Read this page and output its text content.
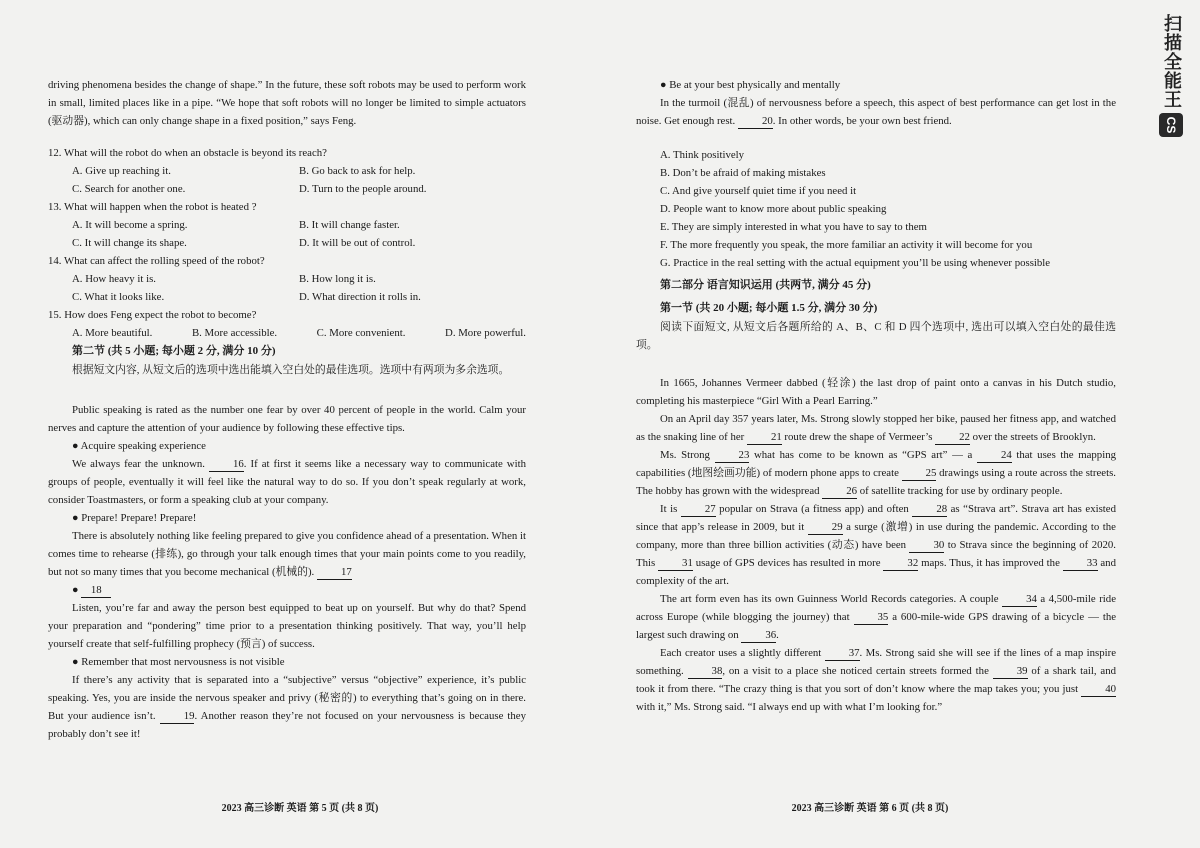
driving phenomena besides the change of shape.” In the future, these soft robots may be used to perform work in small, limited places like in a pipe. “We hope that soft robots will no longer be limited to simple actuators (驱动器), which can only change shape in a fixed position,” says Feng.

12. What will the robot do when an obstacle is beyond its reach?

A. Give up reaching it.	B. Go back to ask for help.
C. Search for another one.	D. Turn to the people around.

13. What will happen when the robot is heated ?

A. It will become a spring.	B. It will change faster.
C. It will change its shape.	D. It will be out of control.

14. What can affect the rolling speed of the robot?

A. How heavy it is.	B. How long it is.
C. What it looks like.	D. What direction it rolls in.

15. How does Feng expect the robot to become?

A. More beautiful.	B. More accessible.	C. More convenient.	D. More powerful.

第二节 (共 5 小题; 每小题 2 分, 满分 10 分)

根据短文内容, 从短文后的选项中选出能填入空白处的最佳选项。选项中有两项为多余选项。

Public speaking is rated as the number one fear by over 40 percent of people in the world. Calm your nerves and capture the attention of your audience by following these effective tips.

● Acquire speaking experience

We always fear the unknown.	16. If at first it seems like a necessary way to communicate with groups of people, eventually it will feel like the natural way to do so. If you don’t speak regularly at work, consider Toastmasters, or form a speaking club at your company.

● Prepare! Prepare! Prepare!

There is absolutely nothing like feeling prepared to give you confidence ahead of a presentation. When it comes time to rehearse (排练), go through your talk enough times that your main points come to you readily, but not so many times that you become mechanical (机械的). 17

● 18

Listen, you’re far and away the person best equipped to beat up on yourself. But why do that? Spend your preparation and “pondering” time prior to a presentation thinking positively. That way, you’ll help yourself create that self-fulfilling prophecy (预言) of success.

● Remember that most nervousness is not visible

If there’s any activity that is separated into a “subjective” versus “objective” experience, it’s public speaking. Yes, you are inside the nervous speaker and privy (秘密的) to everything that’s going on in there. But your audience isn’t.	19. Another reason they’re not focused on your nervousness is because they probably don’t see it!

2023 高三诊断 英语 第 5 页 (共 8 页)

● Be at your best physically and mentally

In the turmoil (混乱) of nervousness before a speech, this aspect of best performance can get lost in the noise. Get enough rest. 20. In other words, be your own best friend.

A. Think positively
B. Don’t be afraid of making mistakes
C. And give yourself quiet time if you need it
D. People want to know more about public speaking
E. They are simply interested in what you have to say to them
F. The more frequently you speak, the more familiar an activity it will become for you
G. Practice in the real setting with the actual equipment you’ll be using whenever possible

第二部分 语言知识运用 (共两节, 满分 45 分)

第一节 (共 20 小题; 每小题 1.5 分, 满分 30 分)

阅读下面短文, 从短文后各题所给的 A、B、C 和 D 四个选项中, 选出可以填入空白处的最佳选项。

In 1665, Johannes Vermeer dabbed (轻涂) the last drop of paint onto a canvas in his Dutch studio, completing his masterpiece “Girl With a Pearl Earring.”

On an April day 357 years later, Ms. Strong slowly stopped her bike, paused her fitness app, and watched as the snaking line of her 21 route drew the shape of Vermeer’s 22 over the streets of Brooklyn.

Ms. Strong 23 what has come to be known as “GPS art” — a 24 that uses the mapping capabilities (地图绘画功能) of modern phone apps to create 25 drawings using a route across the streets. The hobby has grown with the widespread 26 of satellite tracking for use by ordinary people.

It is 27 popular on Strava (a fitness app) and often 28 as “Strava art”. Strava art has existed since that app’s release in 2009, but it 29 a surge (激增) in use during the pandemic. According to the company, more than three billion activities (动态) have been 30 to Strava since the beginning of 2020. This 31 usage of GPS devices has resulted in more 32 maps. Thus, it has improved the 33 and complexity of the art.

The art form even has its own Guinness World Records categories. A couple 34 a 4,500-mile ride across Europe (while blogging the journey) that 35 a 600-mile-wide GPS drawing of a bicycle — the largest such drawing on 36.

Each creator uses a slightly different 37. Ms. Strong said she will see if the lines of a map inspire something. 38, on a visit to a place she noticed certain streets formed the 39 of a shark tail, and took it from there. “The crazy thing is that you sort of don’t know where the map takes you; you just 40 with it,” Ms. Strong said. “I always end up with what I’m looking for.”

2023 高三诊断 英语 第 6 页 (共 8 页)
扫描全能王
CS
